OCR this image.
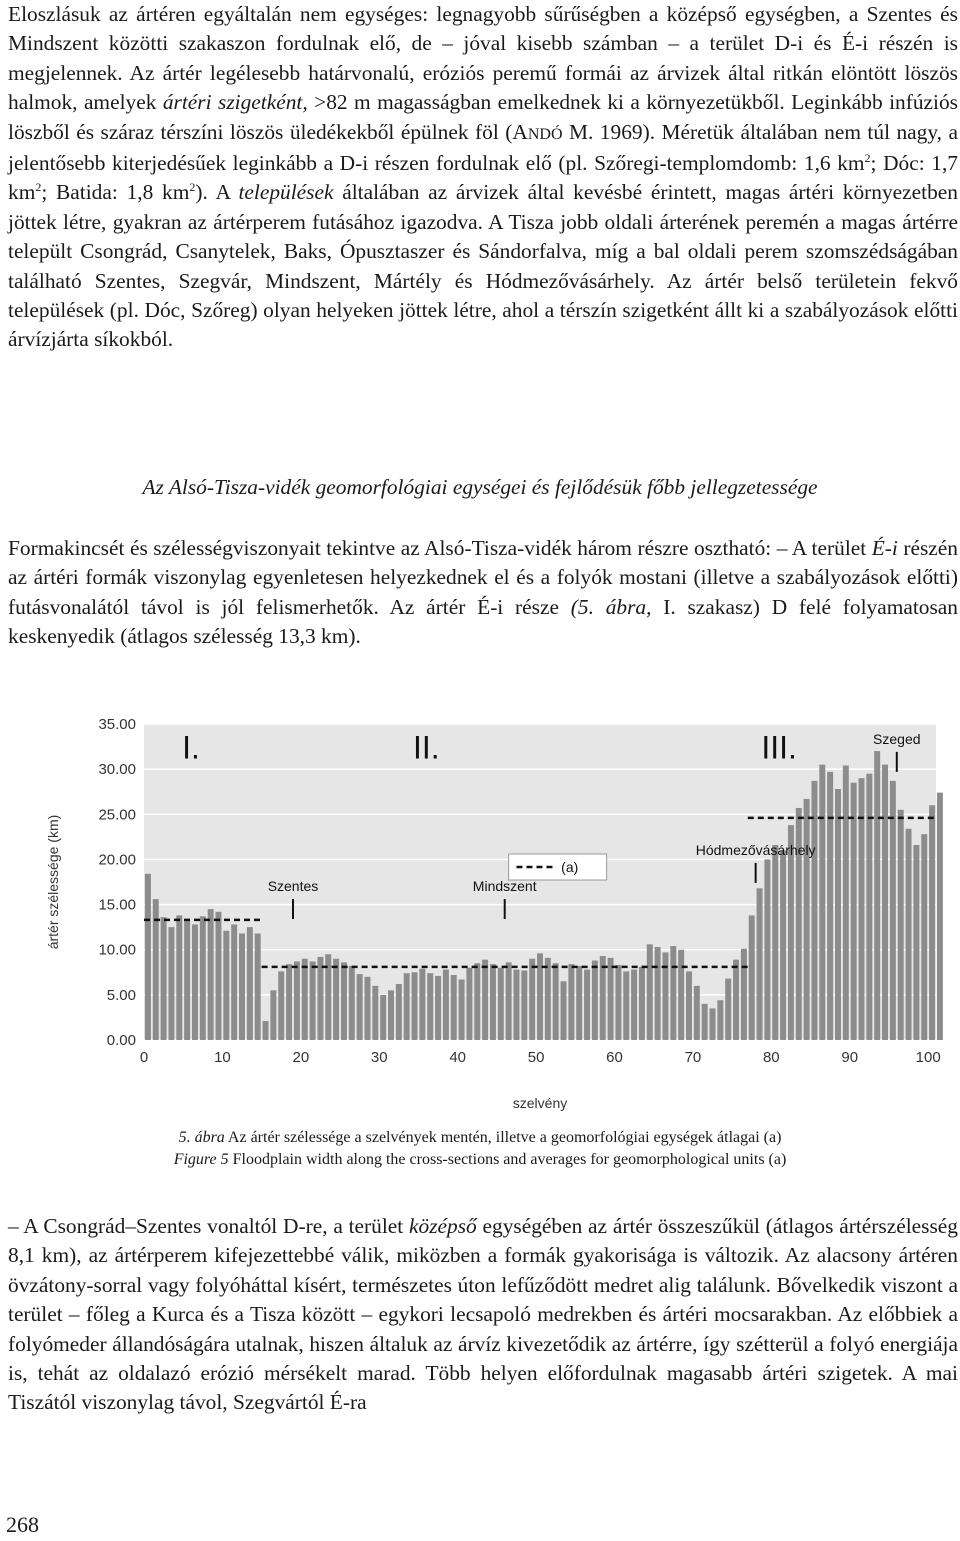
Eloszlásuk az ártéren egyáltalán nem egységes: legnagyobb sűrűségben a középső egységben, a Szentes és Mindszent közötti szakaszon fordulnak elő, de – jóval kisebb számban – a terület D-i és É-i részén is megjelennek. Az ártér legélesebb határvonalú, eróziós peremű formái az árvizek által ritkán elöntött löszös halmok, amelyek ártéri szigetként, >82 m magasságban emelkednek ki a környezetükből. Leginkább infúziós löszből és száraz térszíni löszös üledékekből épülnek föl (ANDÓ M. 1969). Méretük általában nem túl nagy, a jelentősebb kiterjedésűek leginkább a D-i részen fordulnak elő (pl. Szőregi-templomdomb: 1,6 $km^2$; Dóc: 1,7 $km^2$; Batida: 1,8 $km^2$). A települések általában az árvizek által kevésbé érintett, magas ártéri környezetben jöttek létre, gyakran az ártérperem futásához igazodva. A Tisza jobb oldali árterének peremén a magas ártérre települt Csongrád, Csanytelek, Baks, Ópusztaszer és Sándorfalva, míg a bal oldali perem szomszédságában található Szentes, Szegvár, Mindszent, Mártély és Hódmezővásárhely. Az ártér belső területein fekvő települések (pl. Dóc, Szőreg) olyan helyeken jöttek létre, ahol a térszín szigetként állt ki a szabályozások előtti árvízjárta síkokból.

Az Alsó-Tisza-vidék geomorfológiai egységei és fejlődésük főbb jellegzetessége

Formakincsét és szélességviszonyait tekintve az Alsó-Tisza-vidék három részre osztható: – A terület É-i részén az ártéri formák viszonylag egyenletesen helyezkednek el és a folyók mostani (illetve a szabályozások előtti) futásvonalától távol is jól felismerhetők. Az ártér É-i része (5. ábra, I. szakasz) D felé folyamatosan keskenyedik (átlagos szélesség 13,3 km).

0.00
5.00
10.00
15.00
20.00
25.00
30.00
35.00
(a)
I.	II.	III.
Szentes	Mindszent
Hódmezővásárhely
Szeged
0	10	20	30	40	50	60	70	80	90	100
ártér szélessége (km)
szelvény
5. ábra Az ártér szélessége a szelvények mentén, illetve a geomorfológiai egységek átlagai (a)
Figure 5 Floodplain width along the cross-sections and averages for geomorphological units (a)

– A Csongrád–Szentes vonaltól D-re, a terület középső egységében az ártér összeszűkül (átlagos ártérszélesség 8,1 km), az ártérperem kifejezettebbé válik, miközben a formák gyakorisága is változik. Az alacsony ártéren övzátony-sorral vagy folyóháttal kísért, természetes úton lefűződött medret alig találunk. Bővelkedik viszont a terület – főleg a Kurca és a Tisza között – egykori lecsapoló medrekben és ártéri mocsarakban. Az előbbiek a folyómeder állandóságára utalnak, hiszen általuk az árvíz kivezetődik az ártérre, így szétterül a folyó energiája is, tehát az oldalazó erózió mérsékelt marad. Több helyen előfordulnak magasabb ártéri szigetek. A mai Tiszától viszonylag távol, Szegvártól É-ra

268
